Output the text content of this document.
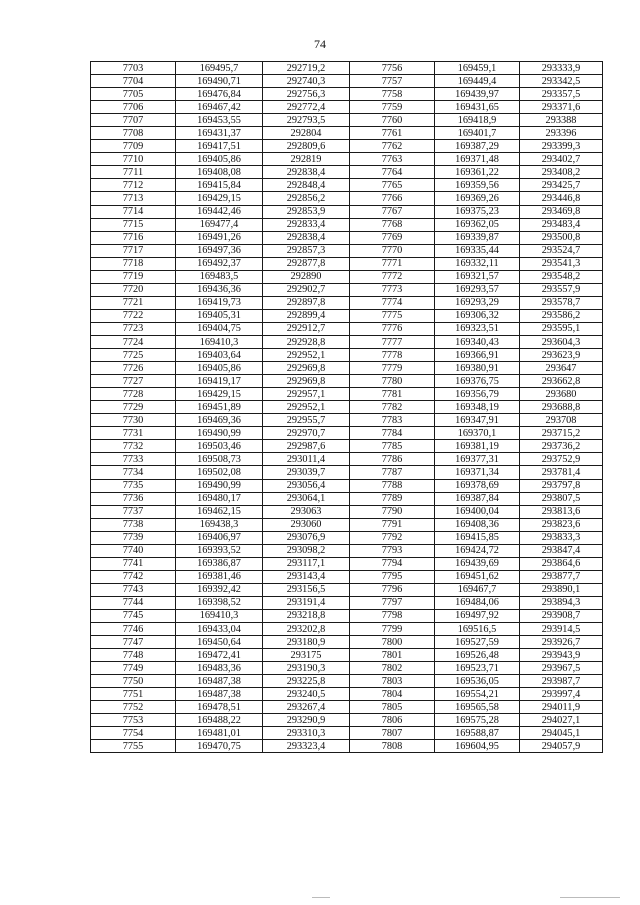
74
7703	169495,7	292719,2	7756	169459,1	293333,9
7704	169490,71	292740,3	7757	169449,4	293342,5
7705	169476,84	292756,3	7758	169439,97	293357,5
7706	169467,42	292772,4	7759	169431,65	293371,6
7707	169453,55	292793,5	7760	169418,9	293388
7708	169431,37	292804	7761	169401,7	293396
7709	169417,51	292809,6	7762	169387,29	293399,3
7710	169405,86	292819	7763	169371,48	293402,7
7711	169408,08	292838,4	7764	169361,22	293408,2
7712	169415,84	292848,4	7765	169359,56	293425,7
7713	169429,15	292856,2	7766	169369,26	293446,8
7714	169442,46	292853,9	7767	169375,23	293469,8
7715	169477,4	292833,4	7768	169362,05	293483,4
7716	169491,26	292838,4	7769	169339,87	293500,8
7717	169497,36	292857,3	7770	169335,44	293524,7
7718	169492,37	292877,8	7771	169332,11	293541,3
7719	169483,5	292890	7772	169321,57	293548,2
7720	169436,36	292902,7	7773	169293,57	293557,9
7721	169419,73	292897,8	7774	169293,29	293578,7
7722	169405,31	292899,4	7775	169306,32	293586,2
7723	169404,75	292912,7	7776	169323,51	293595,1
7724	169410,3	292928,8	7777	169340,43	293604,3
7725	169403,64	292952,1	7778	169366,91	293623,9
7726	169405,86	292969,8	7779	169380,91	293647
7727	169419,17	292969,8	7780	169376,75	293662,8
7728	169429,15	292957,1	7781	169356,79	293680
7729	169451,89	292952,1	7782	169348,19	293688,8
7730	169469,36	292955,7	7783	169347,91	293708
7731	169490,99	292970,7	7784	169370,1	293715,2
7732	169503,46	292987,6	7785	169381,19	293736,2
7733	169508,73	293011,4	7786	169377,31	293752,9
7734	169502,08	293039,7	7787	169371,34	293781,4
7735	169490,99	293056,4	7788	169378,69	293797,8
7736	169480,17	293064,1	7789	169387,84	293807,5
7737	169462,15	293063	7790	169400,04	293813,6
7738	169438,3	293060	7791	169408,36	293823,6
7739	169406,97	293076,9	7792	169415,85	293833,3
7740	169393,52	293098,2	7793	169424,72	293847,4
7741	169386,87	293117,1	7794	169439,69	293864,6
7742	169381,46	293143,4	7795	169451,62	293877,7
7743	169392,42	293156,5	7796	169467,7	293890,1
7744	169398,52	293191,4	7797	169484,06	293894,3
7745	169410,3	293218,8	7798	169497,92	293908,7
7746	169433,04	293202,8	7799	169516,5	293914,5
7747	169450,64	293180,9	7800	169527,59	293926,7
7748	169472,41	293175	7801	169526,48	293943,9
7749	169483,36	293190,3	7802	169523,71	293967,5
7750	169487,38	293225,8	7803	169536,05	293987,7
7751	169487,38	293240,5	7804	169554,21	293997,4
7752	169478,51	293267,4	7805	169565,58	294011,9
7753	169488,22	293290,9	7806	169575,28	294027,1
7754	169481,01	293310,3	7807	169588,87	294045,1
7755	169470,75	293323,4	7808	169604,95	294057,9
